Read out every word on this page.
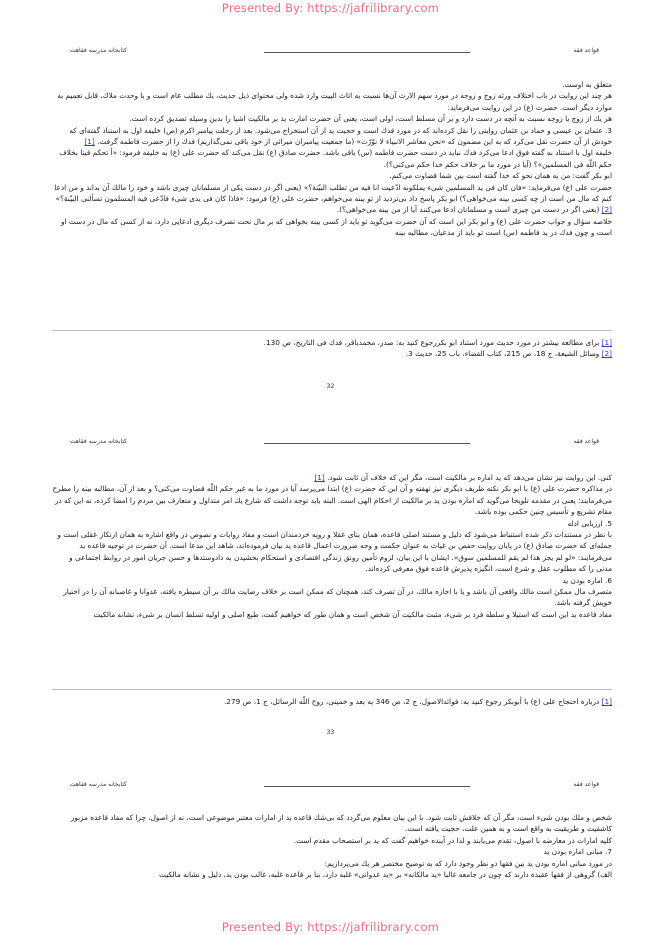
Presented By: https://jafrilibrary.com
قواعد فقه
كتابخانه مدرسه فقاهت

متعلق به اوست.

هر چند اين روايت در باب اختلاف ورثه زوج و زوجه در مورد سهم الارث آن‌ها نسبت به اثاث البيت وارد شده ولى محتواى ذيل حديث، يك مطلب عام است و با وحدت ملاك، قابل تعميم به موارد ديگر است. حضرت (ع) در اين روايت مى‌فرمايد:

هر يك از زوج يا زوجه نسبت به آنچه در دست دارد و بر آن مسلط است، اولى است، يعنى آن حضرت امارت يد بر مالكيت اشيا را بدين وسيله تصديق كرده است.

3. عثمان بن عيسى و حماد بن عثمان روايتى را نقل كرده‌اند كه در مورد فدك است و حجيت يد از آن استخراج مى‌شود. بعد از رحلت پيامبر اكرم (ص) خليفه اول به استناد گفته‌اى كه خودش از آن حضرت نقل مى‌كرد كه به اين مضمون كه «نحن معاشر الانبياء لا نوّرّث» (ما جمعيت پيامبران ميراثى از خود باقى نمى‌گذاريم) فدك را از حضرت فاطمه گرفت. [1]

خليفه اول با استناد به گفته فوق ادعا مى‌كرد فدك نبايد در دست حضرت فاطمه (س) باقى باشد. حضرت صادق (ع) نقل مى‌كند كه حضرت على (ع) به خليفه فرمود: «أ تحكم فينا بخلاف حكم اللّه فى المسلمين»؟ (آيا در مورد ما بر خلاف حكم خدا حكم مى‌كنى؟).

ابو بكر گفت: من به همان نحو كه خدا گفته است بين شما قضاوت مى‌كنم.

حضرت على (ع) مى‌فرمايد: «فان كان فى يد المسلمين شىء يملكونه ادّعيت انا فيه من تطلب البيّنة؟» (يعنى اگر در دست يكى از مسلمانان چيزى باشد و خود را مالك آن بداند و من ادعا كنم كه مال من است از چه كسى بينه مى‌خواهى؟) ابو بكر پاسخ داد بى‌ترديد از تو بينه مى‌خواهم، حضرت على (ع) فرمود: «فاذا كان فى يدى شىء فادّعى فيه المسلمون تسألنى البيّنة؟» [2] (يعنى اگر در دست من چيزى است و مسلمانان ادعا مى‌كنند آيا از من بينه مى‌خواهى؟).

خلاصه سؤال و جواب حضرت على (ع) و ابو بكر اين است كه آن حضرت مى‌گويد تو بايد از كسى بينه بخواهى كه بر مال تحت تصرف ديگرى ادعايى دارد، نه از كسى كه مال در دست او است و چون فدك در يد فاطمه (س) است تو بايد از مدعيان، مطالبه بينه

[1] براى مطالعه بيشتر در مورد حديث مورد استناد ابو بكررجوع كنيد به: صدر، محمدباقر، فدك فى التاريخ، ص 130.

[2] وسائل الشيعة، ج 18، ص 215، كتاب القضاء، باب 25، حديث 3.

32
قواعد فقه
كتابخانه مدرسه فقاهت

كنى. اين روايت نيز نشان مى‌دهد كه يد اماره بر مالكيت است، مگر اين كه خلاف آن ثابت شود. [1]

در مذاكره حضرت على (ع) با ابو بكر نكته ظريف ديگرى نيز نهفته و آن اين كه حضرت (ع) ابتدا مى‌پرسد آيا در مورد ما به غير حكم اللّه قضاوت مى‌كنى؟ و بعد از آن، مطالبه بينه را مطرح مى‌فرمايند؛ يعنى در مقدمه تلويحا مى‌گويد كه اماره بودن يد بر مالكيت از احكام الهى است. البته بايد توجه داشت كه شارع يك امر متداول و متعارف بين مردم را امضا كرده، نه اين كه در مقام تشريع و تأسيس چنين حكمى بوده باشد.

5. ارزيابى ادله

با نظر در مستندات ذكر شده استنباط مى‌شود كه دليل و مستند اصلى قاعده، همان بناى عقلا و رويه خردمندان است و مفاد روايات و نصوص در واقع اشاره به همان ارتكاز عقلى است و جمله‌اى كه حضرت صادق (ع) در پايان روايت حفص بن غياث به عنوان حكمت و وجه ضرورت اعمال قاعده يد بيان فرموده‌اند، شاهد اين مدعا است. آن حضرت در توجيه قاعده يد مى‌فرمايند: «لو لم يجز هذا لم يقم للمسلمين سوق». ايشان با اين بيان، لزوم تأمين رونق زندگى اقتصادى و استحكام بخشيدن به دادوستدها و حسن جريان امور در روابط اجتماعى و مدنى را كه مطلوب عقل و شرع است، انگيزه پذيرش قاعده فوق معرفى كرده‌اند.

6. اماره بودن يد

متصرف مال ممكن است مالك واقعى آن باشد و يا با اجازه مالك، در آن تصرف كند، همچنان كه ممكن است بر خلاف رضايت مالك بر آن سيطره يافته، عدوانا و غاصبانه آن را در اختيار خويش گرفته باشد.

مفاد قاعده يد اين است كه استيلا و سلطه فرد بر شى‌ء، مثبت مالكيت آن شخص است و همان طور كه خواهيم گفت، طبع اصلى و اوليه تسلط انسان بر شى‌ء، نشانه مالكيت

[1] درباره احتجاج على (ع) با أبوبكر رجوع كنيد به: فوائدالاصول، ج 2، ص 346 به بعد و خمينى، روح اللّه الرسائل، ج 1، ص 279.

33
قواعد فقه
كتابخانه مدرسه فقاهت

شخص و ملك بودن شى‌ء است، مگر آن كه خلافش ثابت شود. با اين بيان معلوم مى‌گردد كه بى‌شك قاعده يد از امارات معتبر موضوعى است، نه از اصول، چرا كه مفاد قاعده مزبور كاشفيت و طريقيت به واقع است و به همين علت، حجيت يافته است.

كليه امارات در معارضه با اصول، تقدم مى‌يابند و لذا در آينده خواهيم گفت كه يد بر استصحاب مقدم است.

7. مبانى اماره بودن يد

در مورد مبانى اماره بودن يد بين فقها دو نظر وجود دارد كه به توضيح مختصر هر يك مى‌پردازيم:

الف) گروهى از فقها عقيده دارند كه چون در جامعه غالبا «يد مالكانه» بر «يد عدوانى» غلبه دارد، بنا بر قاعده غلبه، غالب بودن يد، دليل و نشانه مالكيت

Presented By: https://jafrilibrary.com
